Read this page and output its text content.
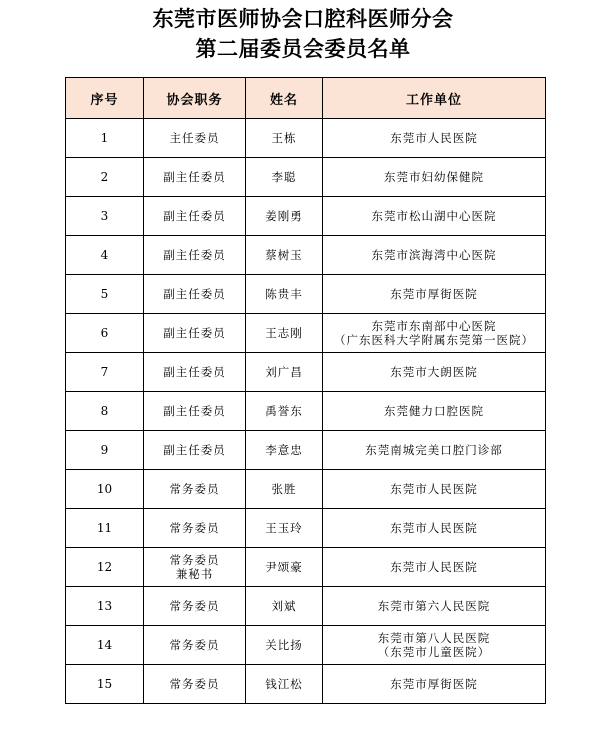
东莞市医师协会口腔科医师分会
第二届委员会委员名单
序号	协会职务	姓名	工作单位
1	主任委员	王栋	东莞市人民医院
2	副主任委员	李聪	东莞市妇幼保健院
3	副主任委员	姜刚勇	东莞市松山湖中心医院
4	副主任委员	蔡树玉	东莞市滨海湾中心医院
5	副主任委员	陈贵丰	东莞市厚街医院
6	副主任委员	王志刚	东莞市东南部中心医院
（广东医科大学附属东莞第一医院）

7	副主任委员	刘广昌	东莞市大朗医院
8	副主任委员	禹誉东	东莞健力口腔医院
9	副主任委员	李意忠	东莞南城完美口腔门诊部
10	常务委员	张胜	东莞市人民医院
11	常务委员	王玉玲	东莞市人民医院
12	常务委员
兼秘书	尹颂豪	东莞市人民医院
13	常务委员	刘斌	东莞市第六人民医院
14	常务委员	关比扬	东莞市第八人民医院
（东莞市儿童医院）

15	常务委员	钱江松	东莞市厚街医院
